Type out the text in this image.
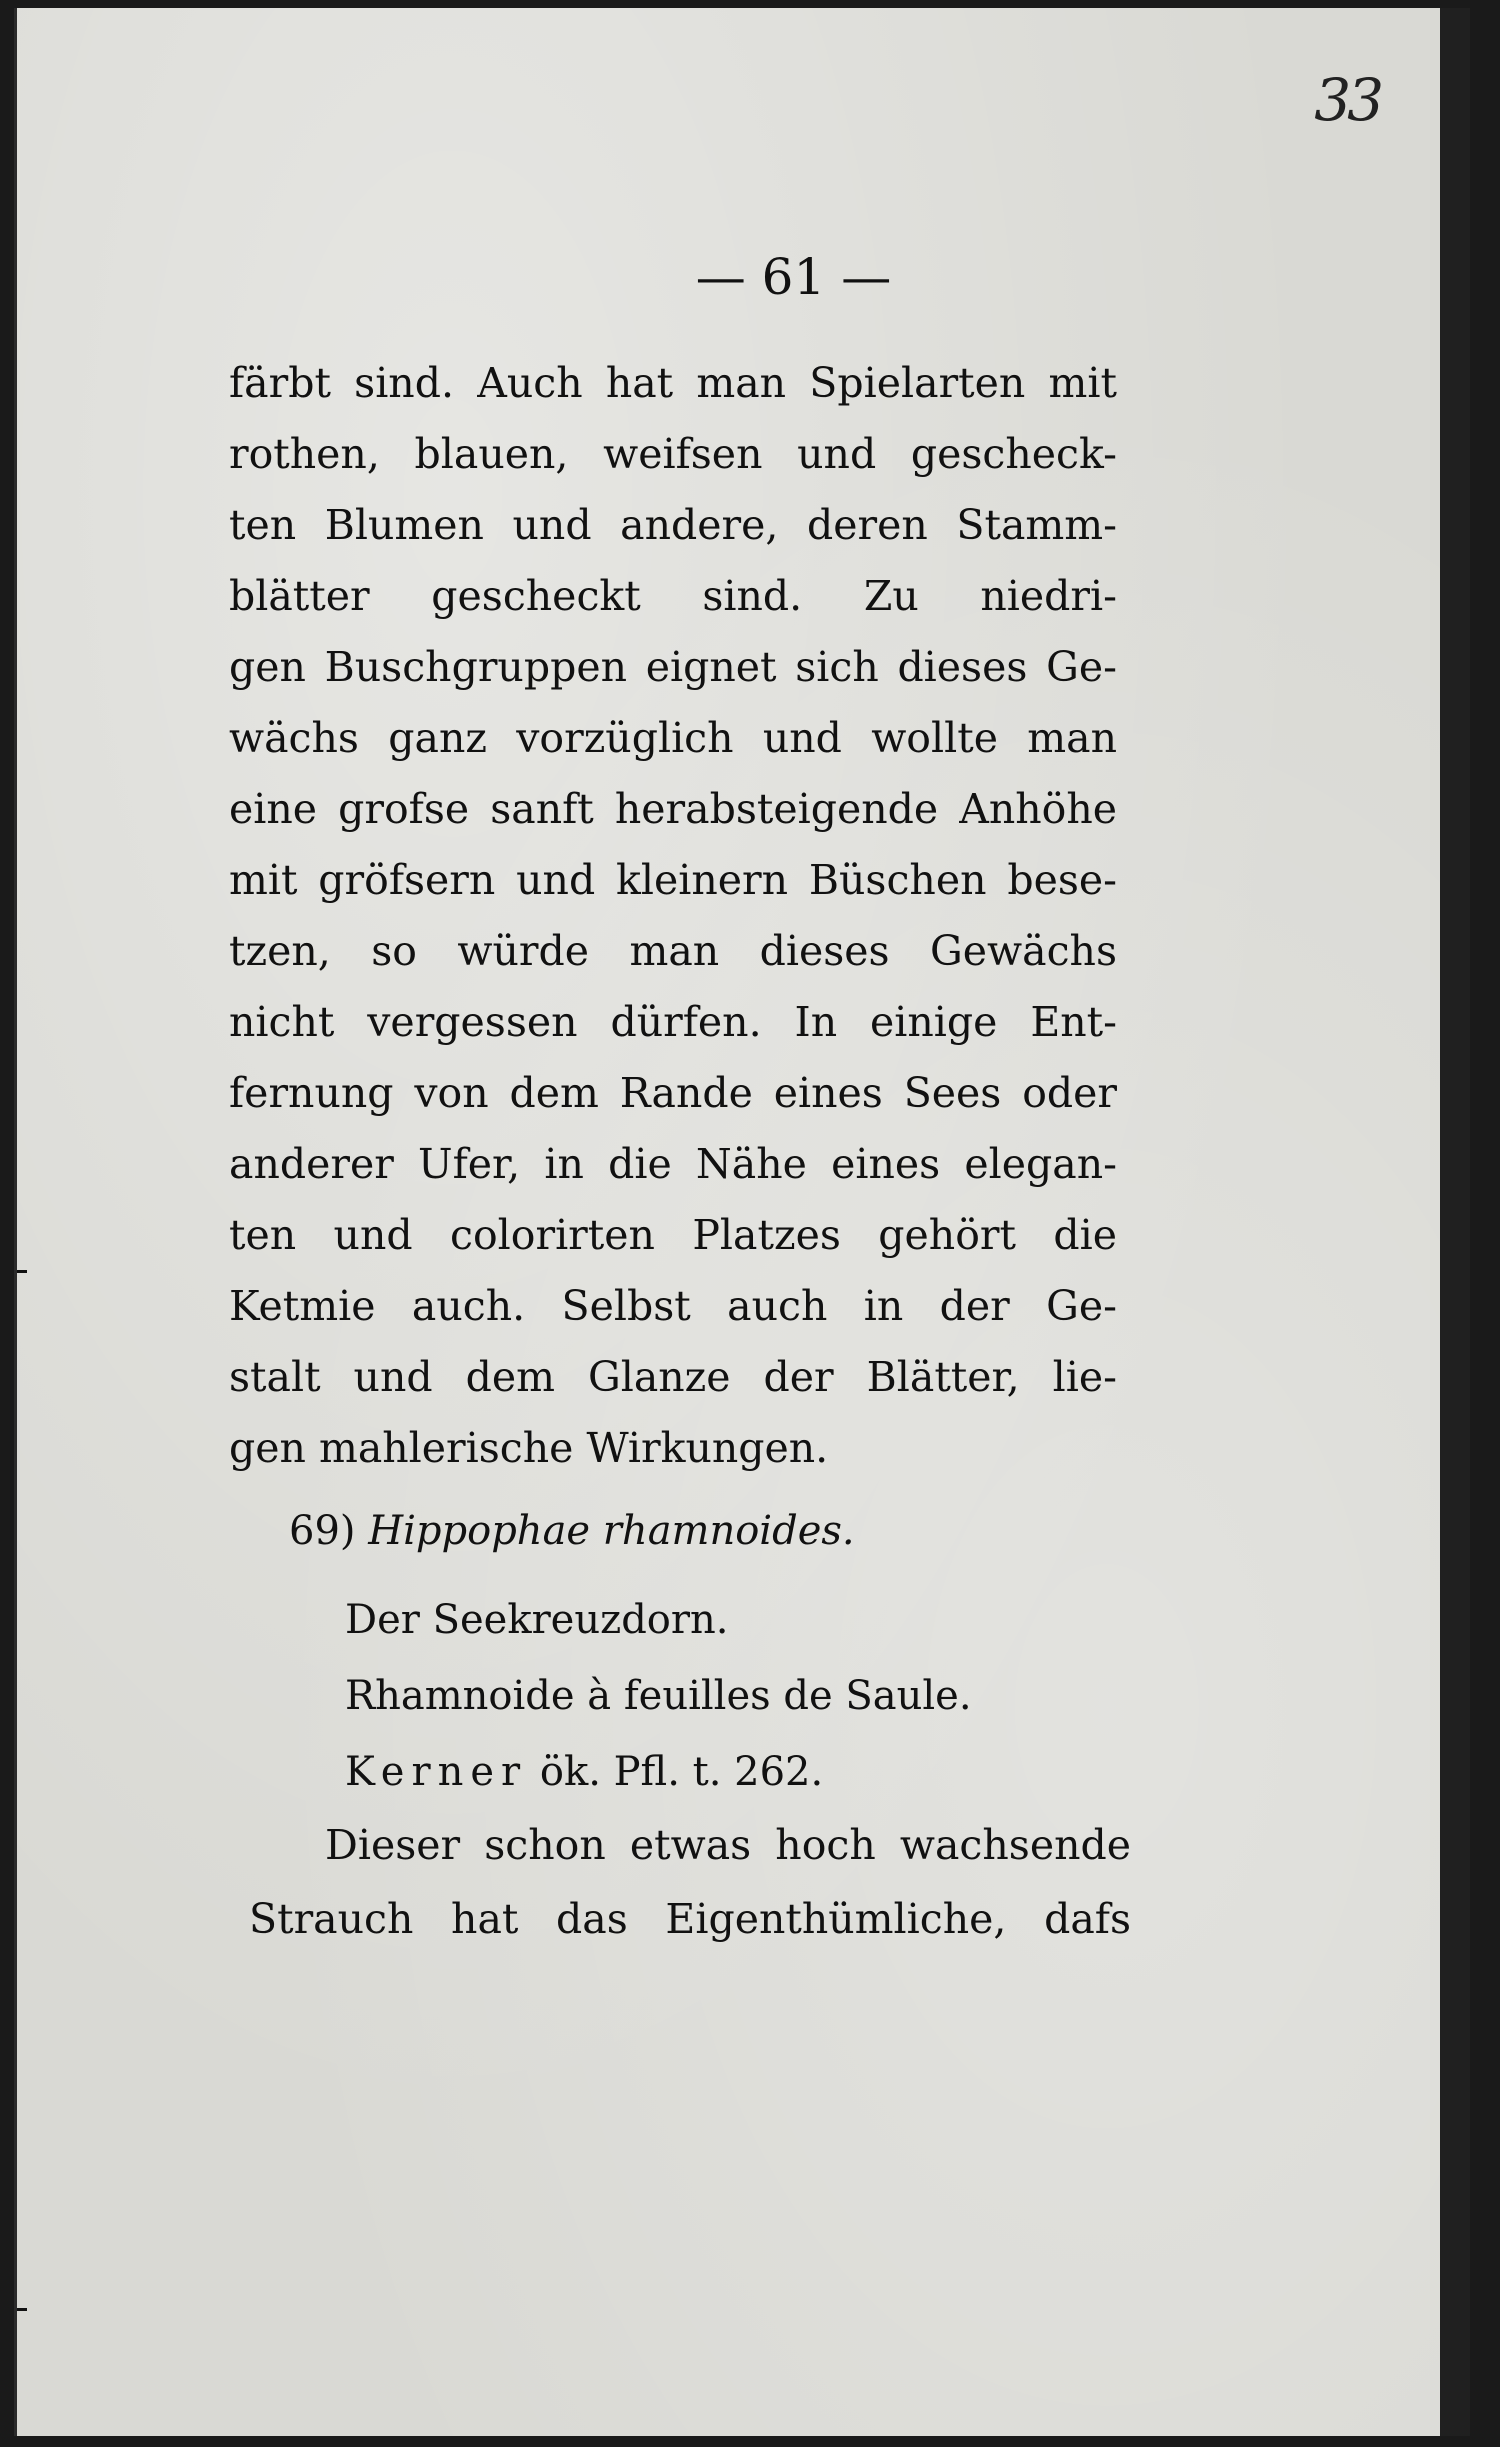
33
— 61 —
färbt sind. Auch hat man Spielarten mit
rothen, blauen, weifsen und gescheck-
ten Blumen und andere, deren Stamm-
blätter gescheckt sind. Zu niedri-
gen Buschgruppen eignet sich dieses Ge-
wächs ganz vorzüglich und wollte man
eine grofse sanft herabsteigende Anhöhe
mit gröfsern und kleinern Büschen bese-
tzen, so würde man dieses Gewächs
nicht vergessen dürfen. In einige Ent-
fernung von dem Rande eines Sees oder
anderer Ufer, in die Nähe eines elegan-
ten und colorirten Platzes gehört die
Ketmie auch. Selbst auch in der Ge-
stalt und dem Glanze der Blätter, lie-
gen mahlerische Wirkungen.
69) Hippophae rhamnoides.
Der Seekreuzdorn.
Rhamnoide à feuilles de Saule.
Kerner ök. Pfl. t. 262.
Dieser schon etwas hoch wachsende
Strauch hat das Eigenthümliche, dafs
